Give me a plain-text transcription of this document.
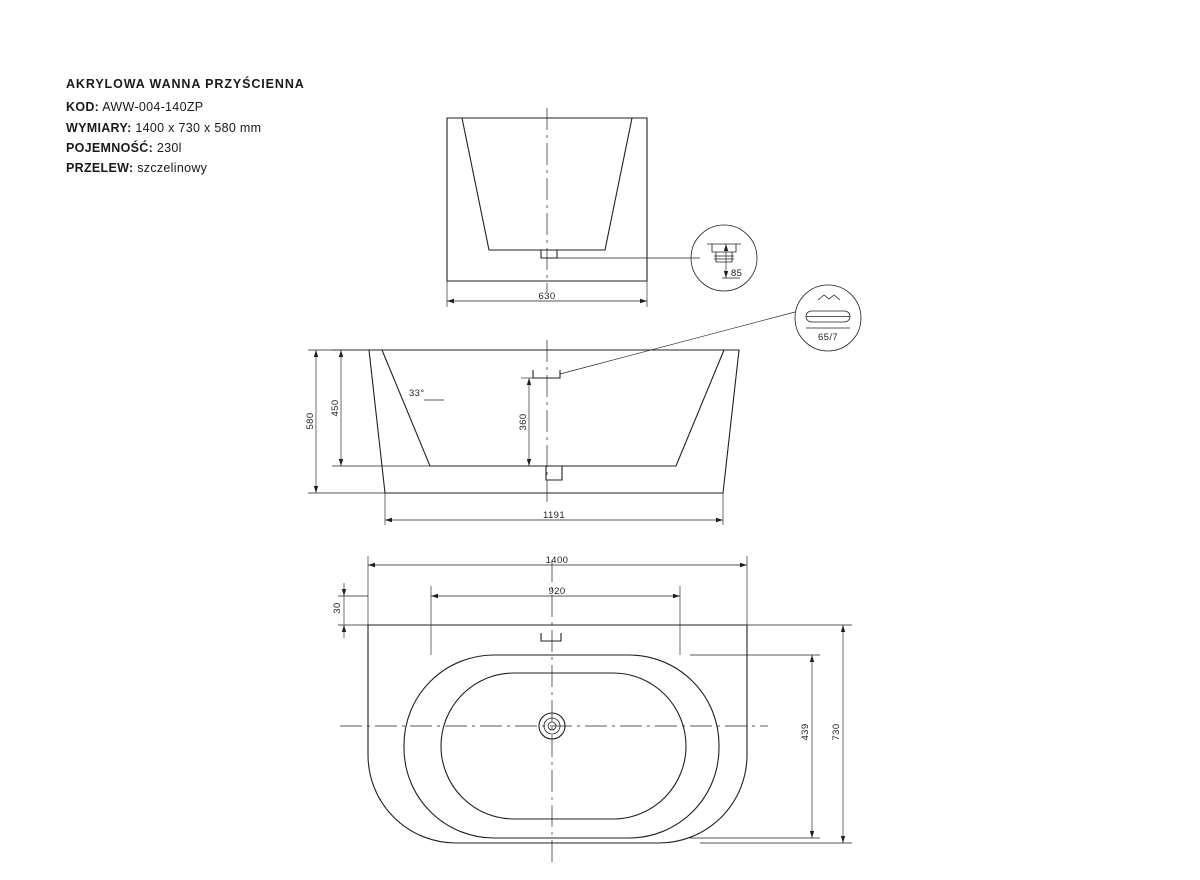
AKRYLOWA WANNA PRZYŚCIENNA
KOD: AWW-004-140ZP
WYMIARY: 1400 x 730 x 580 mm
POJEMNOŚĆ: 230l
PRZELEW: szczelinowy
630
85
65/7
33°
580
450
360
1191
1400
920
30
439 730
